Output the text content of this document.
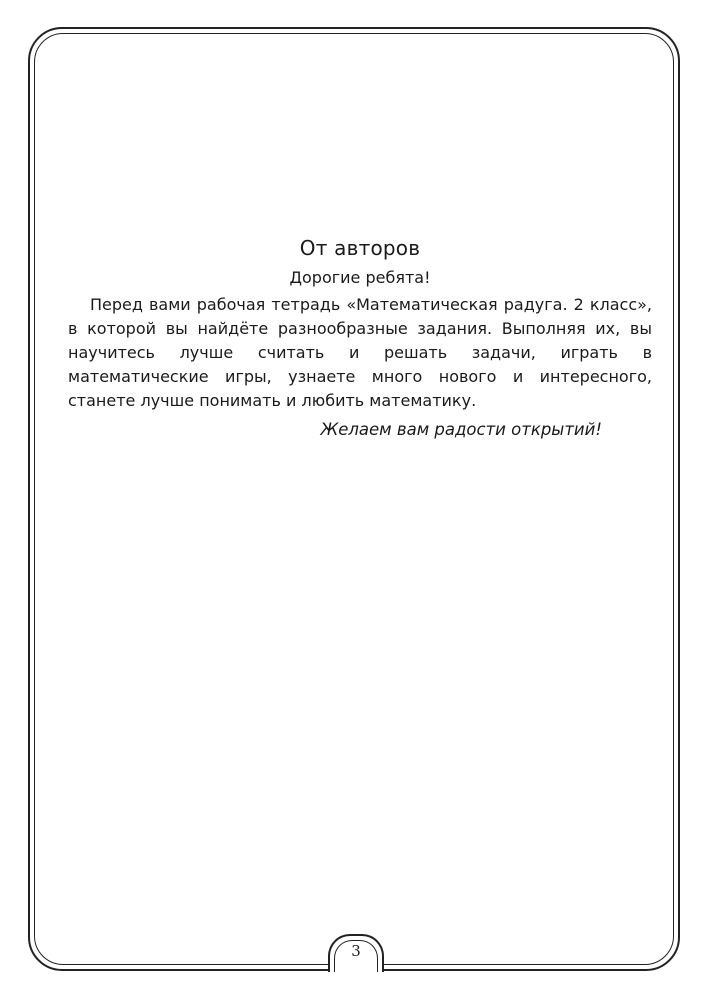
От авторов

Дорогие ребята!

Перед вами рабочая тетрадь «Математическая радуга. 2 класс», в которой вы найдёте разнообразные задания. Выполняя их, вы научитесь лучше считать и решать задачи, играть в математические игры, узнаете много нового и интересного, станете лучше понимать и любить математику.

Желаем вам радости открытий!

3
